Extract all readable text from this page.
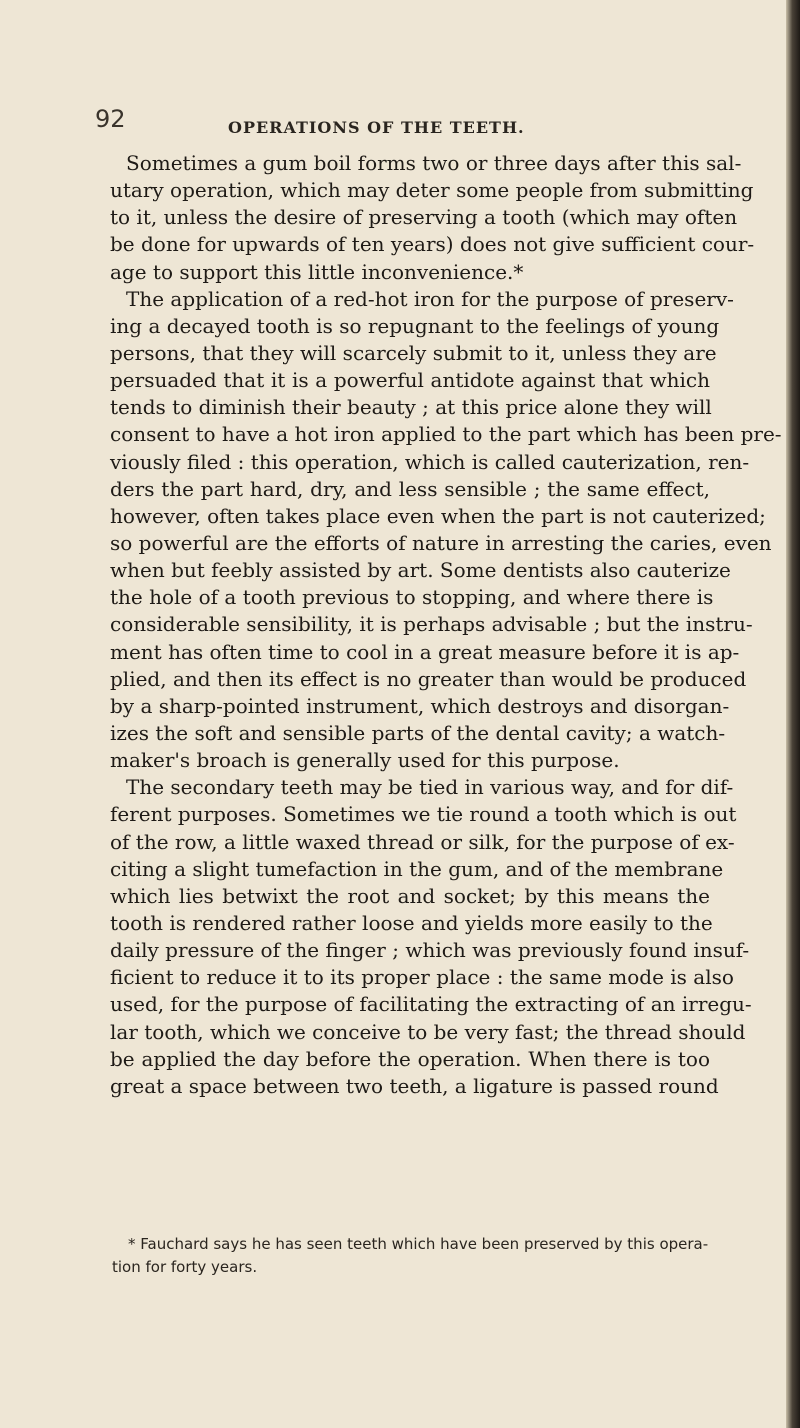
92	OPERATIONS OF THE TEETH.
Sometimes a gum boil forms two or three days after this sal-
utary operation, which may deter some people from submitting
to it, unless the desire of preserving a tooth (which may often
be done for upwards of ten years) does not give sufficient cour-
age to support this little inconvenience.*
The application of a red-hot iron for the purpose of preserv-
ing a decayed tooth is so repugnant to the feelings of young
persons, that they will scarcely submit to it, unless they are
persuaded that it is a powerful antidote against that which
tends to diminish their beauty ; at this price alone they will
consent to have a hot iron applied to the part which has been pre-
viously filed : this operation, which is called cauterization, ren-
ders the part hard, dry, and less sensible ; the same effect,
however, often takes place even when the part is not cauterized;
so powerful are the efforts of nature in arresting the caries, even
when but feebly assisted by art. Some dentists also cauterize
the hole of a tooth previous to stopping, and where there is
considerable sensibility, it is perhaps advisable ; but the instru-
ment has often time to cool in a great measure before it is ap-
plied, and then its effect is no greater than would be produced
by a sharp-pointed instrument, which destroys and disorgan-
izes the soft and sensible parts of the dental cavity; a watch-
maker's broach is generally used for this purpose.
The secondary teeth may be tied in various way, and for dif-
ferent purposes. Sometimes we tie round a tooth which is out
of the row, a little waxed thread or silk, for the purpose of ex-
citing a slight tumefaction in the gum, and of the membrane
which lies betwixt the root and socket; by this means the
tooth is rendered rather loose and yields more easily to the
daily pressure of the finger ; which was previously found insuf-
ficient to reduce it to its proper place : the same mode is also
used, for the purpose of facilitating the extracting of an irregu-
lar tooth, which we conceive to be very fast; the thread should
be applied the day before the operation. When there is too
great a space between two teeth, a ligature is passed round
* Fauchard says he has seen teeth which have been preserved by this opera-
tion for forty years.
